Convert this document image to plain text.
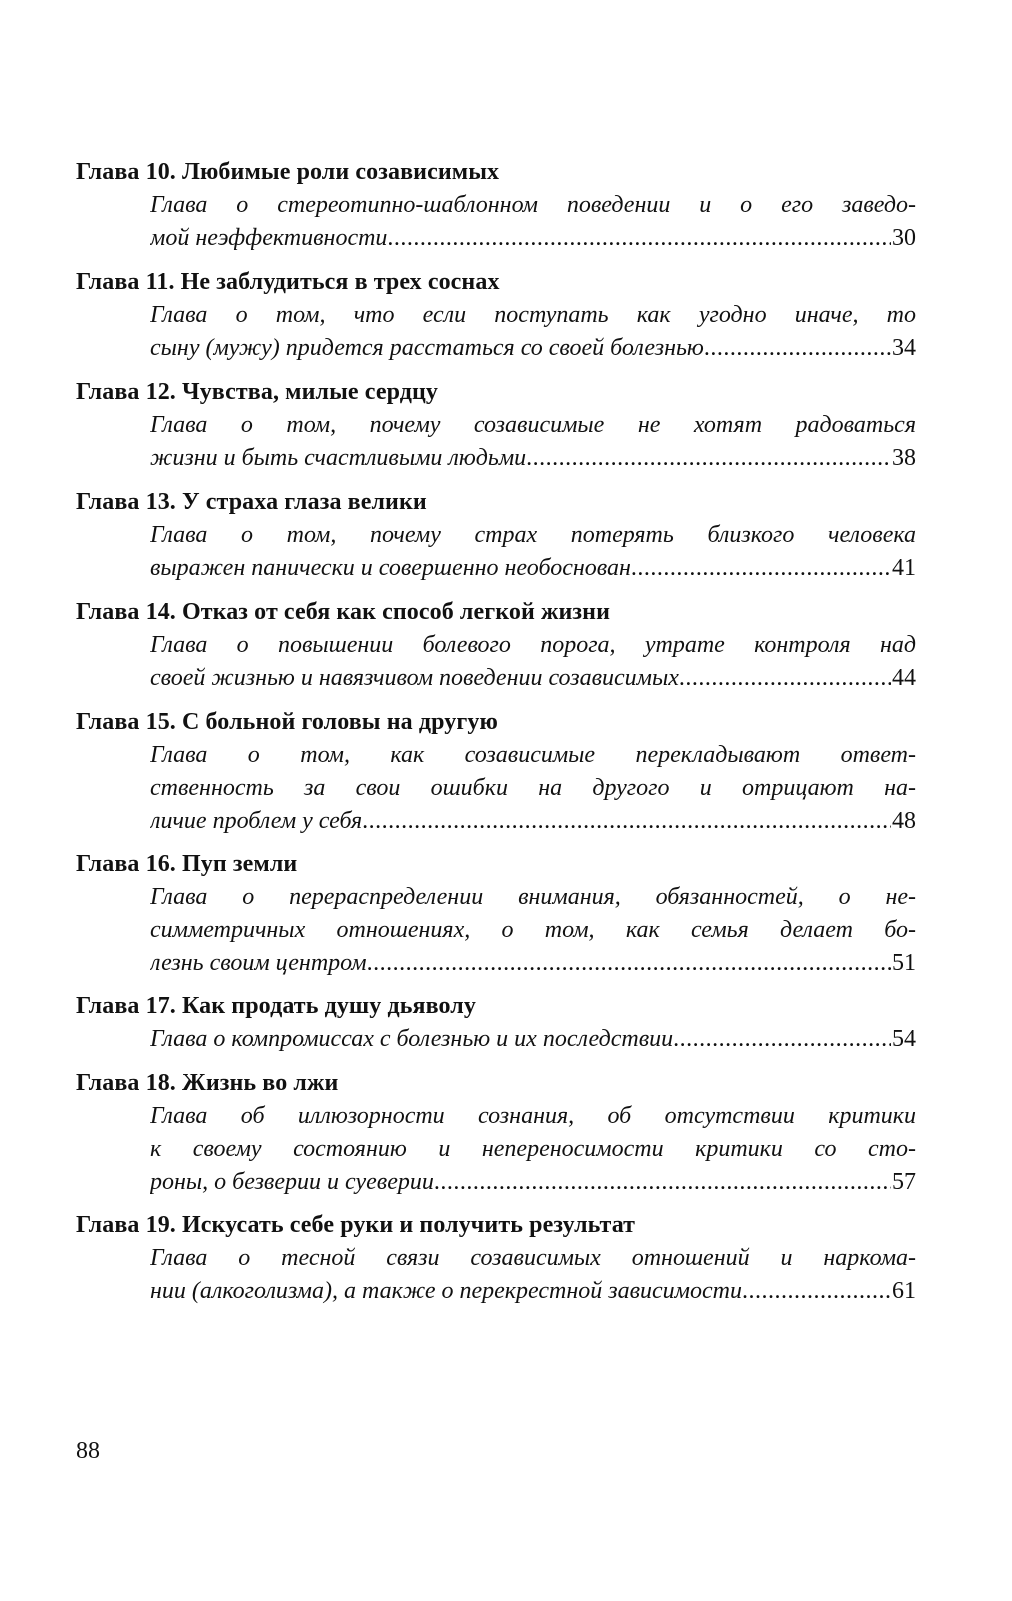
Глава 10. Любимые роли созависимых
Глава о стереотипно-шаблонном поведении и о его заведо-
мой неэффективности .....	30
Глава 11. Не заблудиться в трех соснах
Глава о том, что если поступать как угодно иначе, то
сыну (мужу) придется расстаться со своей болезнью .....	34
Глава 12. Чувства, милые сердцу
Глава о том, почему созависимые не хотят радоваться
жизни и быть счастливыми людьми .....	38
Глава 13. У страха глаза велики
Глава о том, почему страх потерять близкого человека
выражен панически и совершенно необоснован .....	41
Глава 14. Отказ от себя как способ легкой жизни
Глава о повышении болевого порога, утрате контроля над
своей жизнью и навязчивом поведении созависимых .....	44
Глава 15. С больной головы на другую
Глава о том, как созависимые перекладывают ответ-
ственность за свои ошибки на другого и отрицают на-
личие проблем у себя .....	48
Глава 16. Пуп земли
Глава о перераспределении внимания, обязанностей, о не-
симметричных отношениях, о том, как семья делает бо-
лезнь своим центром .....	51
Глава 17. Как продать душу дьяволу
Глава о компромиссах с болезнью и их последствии .....	54
Глава 18. Жизнь во лжи
Глава об иллюзорности сознания, об отсутствии критики
к своему состоянию и непереносимости критики со сто-
роны, о безверии и суеверии .....	57
Глава 19. Искусать себе руки и получить результат
Глава о тесной связи созависимых отношений и наркома-
нии (алкоголизма), а также о перекрестной зависимости .....	61
88
